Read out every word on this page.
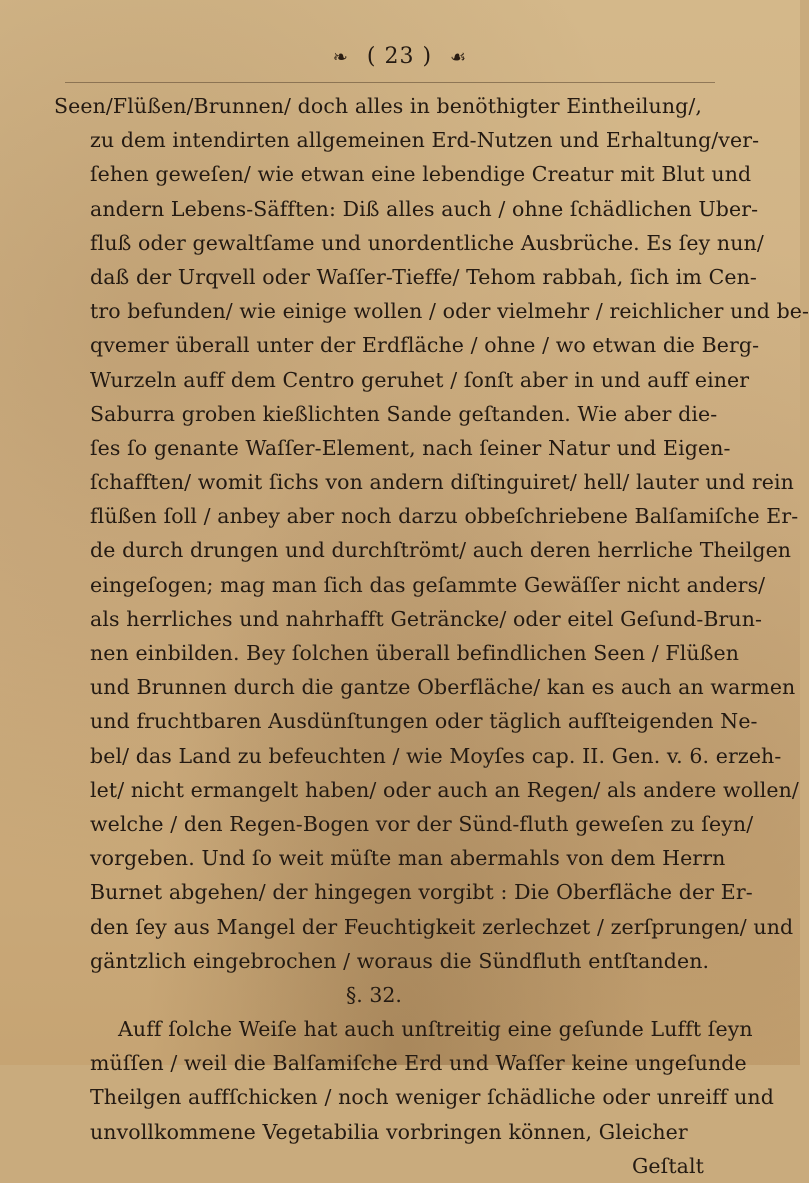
❧ ( 23 ) ☙
Seen/Flüßen/Brunnen/ doch alles in benöthigter Eintheilung/,
zu dem intendirten allgemeinen Erd-Nutzen und Erhaltung/ver-
ſehen geweſen/ wie etwan eine lebendige Creatur mit Blut und
andern Lebens-Säfften: Diß alles auch / ohne ſchädlichen Uber-
fluß oder gewaltſame und unordentliche Ausbrüche. Es ſey nun/
daß der Urqvell oder Waſſer-Tieffe/ Tehom rabbah, ſich im Cen-
tro befunden/ wie einige wollen / oder vielmehr / reichlicher und be-
qvemer überall unter der Erdfläche / ohne / wo etwan die Berg-
Wurzeln auff dem Centro geruhet / ſonſt aber in und auff einer
Saburra groben kießlichten Sande geſtanden. Wie aber die-
ſes ſo genante Waſſer-Element, nach ſeiner Natur und Eigen-
ſchafften/ womit ſichs von andern diſtinguiret/ hell/ lauter und rein
flüßen ſoll / anbey aber noch darzu obbeſchriebene Balſamiſche Er-
de durch drungen und durchſtrömt/ auch deren herrliche Theilgen
eingeſogen; mag man ſich das geſammte Gewäſſer nicht anders/
als herrliches und nahrhafft Geträncke/ oder eitel Geſund-Brun-
nen einbilden. Bey ſolchen überall befindlichen Seen / Flüßen
und Brunnen durch die gantze Oberfläche/ kan es auch an warmen
und fruchtbaren Ausdünſtungen oder täglich aufſteigenden Ne-
bel/ das Land zu befeuchten / wie Moyſes cap. II. Gen. v. 6. erzeh-
let/ nicht ermangelt haben/ oder auch an Regen/ als andere wollen/
welche / den Regen-Bogen vor der Sünd-fluth geweſen zu ſeyn/
vorgeben. Und ſo weit müſte man abermahls von dem Herrn
Burnet abgehen/ der hingegen vorgibt : Die Oberfläche der Er-
den ſey aus Mangel der Feuchtigkeit zerlechzet / zerſprungen/ und
gäntzlich eingebrochen / woraus die Sündfluth entſtanden.
§. 32.
Auff ſolche Weiſe hat auch unſtreitig eine geſunde Lufft ſeyn
müſſen / weil die Balſamiſche Erd und Waſſer keine ungeſunde
Theilgen auffſchicken / noch weniger ſchädliche oder unreiff und
unvollkommene Vegetabilia vorbringen können, Gleicher
Geſtalt
